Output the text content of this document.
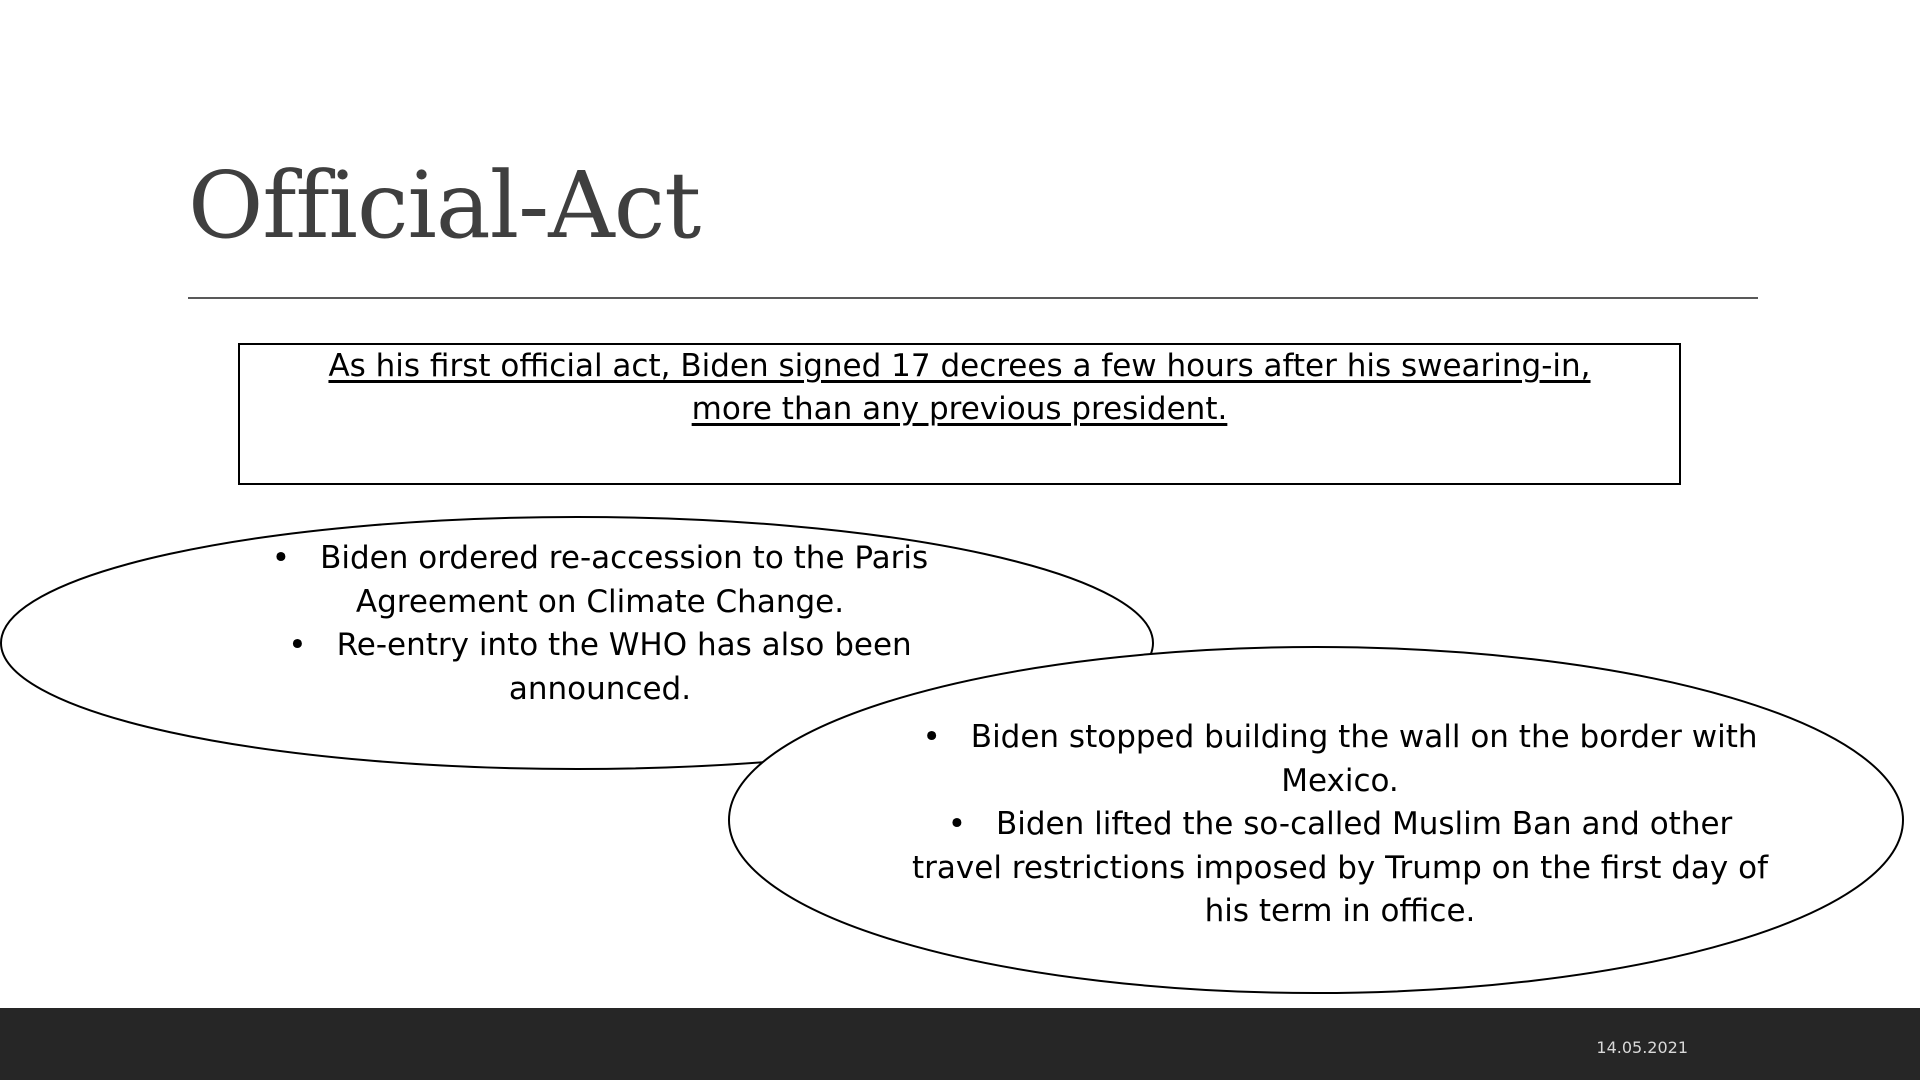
Official-Act
As his first official act, Biden signed 17 decrees a few hours after his swearing-in,
more than any previous president.
• Biden ordered re-accession to the Paris Agreement on Climate Change.
• Re-entry into the WHO has also been announced.
• Biden stopped building the wall on the border with Mexico.
• Biden lifted the so-called Muslim Ban and other travel restrictions imposed by Trump on the first day of his term in office.
14.05.2021
